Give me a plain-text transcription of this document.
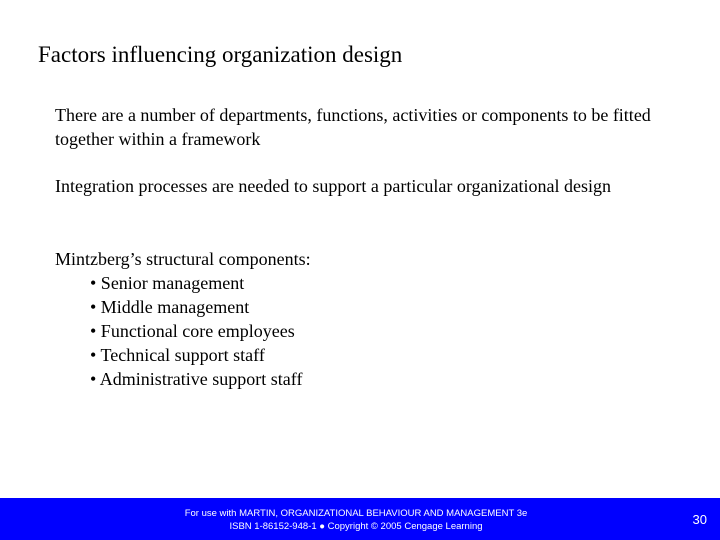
Factors influencing organization design
There are a number of departments, functions, activities or components to be fitted together within a framework
Integration processes are needed to support a particular organizational design
Mintzberg’s structural components:
• Senior management
• Middle management
• Functional core employees
• Technical support staff
• Administrative support staff
For use with MARTIN, ORGANIZATIONAL BEHAVIOUR AND MANAGEMENT 3e
ISBN 1-86152-948-1 ● Copyright © 2005 Cengage Learning	30
